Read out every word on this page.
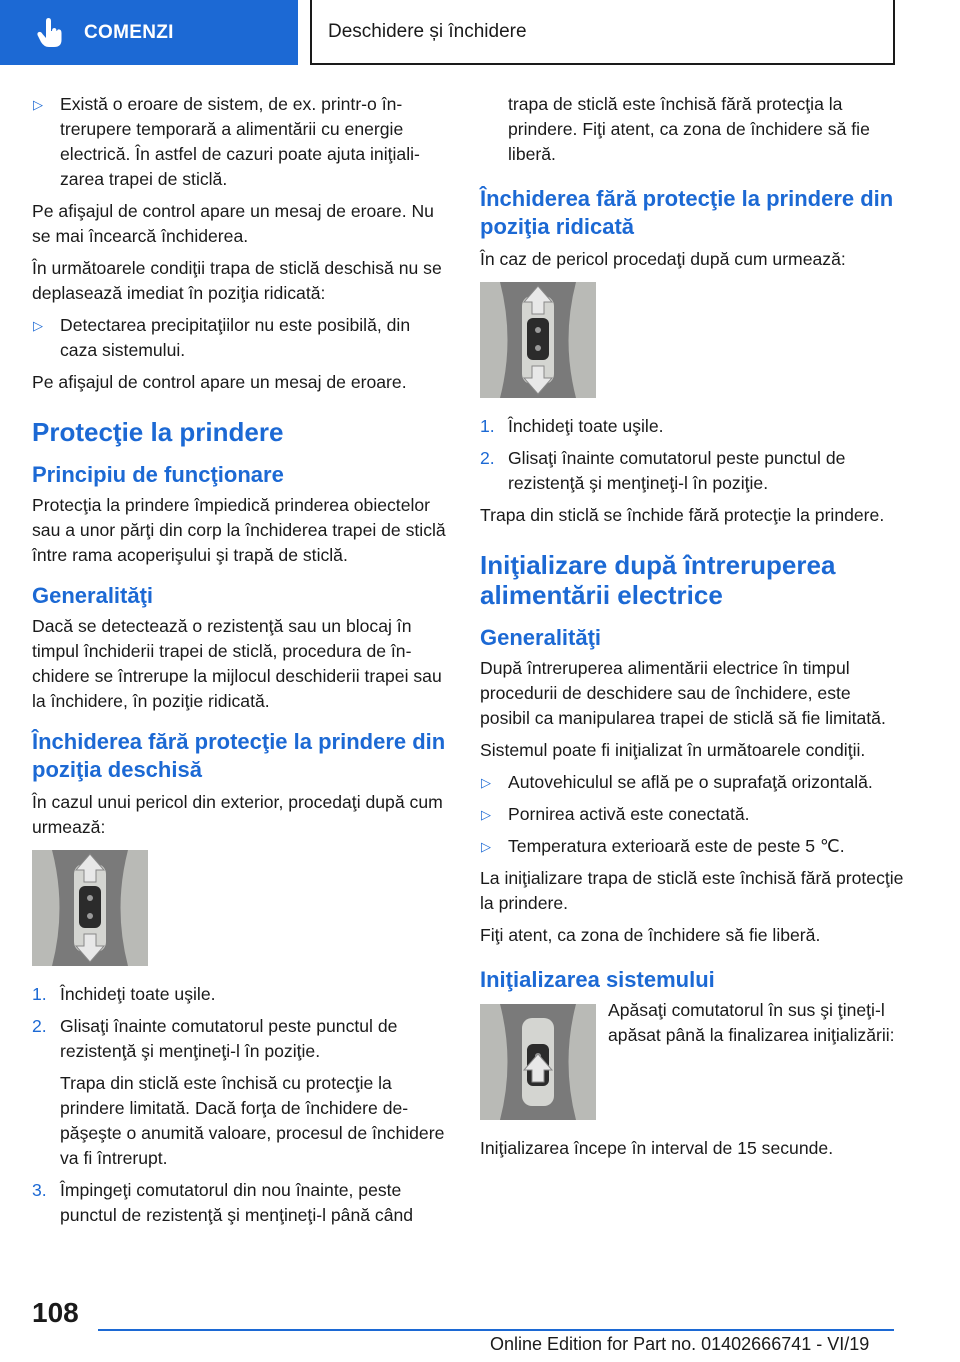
COMENZI	Deschidere și închidere
▷ Există o eroare de sistem, de ex. printr-o întrerupere temporară a alimentării cu energie electrică. În astfel de cazuri poate ajuta iniţializarea trapei de sticlă.

Pe afişajul de control apare un mesaj de eroare. Nu se mai încearcă închiderea.

În următoarele condiţii trapa de sticlă deschisă nu se deplasează imediat în poziţia ridicată:

▷ Detectarea precipitaţiilor nu este posibilă, din caza sistemului.

Pe afişajul de control apare un mesaj de eroare.

Protecţie la prindere
Principiu de funcţionare

Protecţia la prindere împiedică prinderea obiectelor sau a unor părţi din corp la închiderea trapei de sticlă între rama acoperişului şi trapă de sticlă.

Generalităţi

Dacă se detectează o rezistenţă sau un blocaj în timpul închiderii trapei de sticlă, procedura de închidere se întrerupe la mijlocul deschiderii trapei sau la închidere, în poziţie ridicată.

Închiderea fără protecţie la prindere din poziţia deschisă

În cazul unui pericol din exterior, procedaţi după cum urmează:

1. Închideţi toate uşile.
2. Glisaţi înainte comutatorul peste punctul de rezistenţă şi menţineţi-l în poziţie.

Trapa din sticlă este închisă cu protecţie la prindere limitată. Dacă forţa de închidere depăşeşte o anumită valoare, procesul de închidere va fi întrerupt.

3. Împingeţi comutatorul din nou înainte, peste punctul de rezistenţă şi menţineţi-l până când

trapa de sticlă este închisă fără protecţia la prindere. Fiţi atent, ca zona de închidere să fie liberă.

Închiderea fără protecţie la prindere din poziţia ridicată

În caz de pericol procedaţi după cum urmează:

1. Închideţi toate uşile.
2. Glisaţi înainte comutatorul peste punctul de rezistenţă şi menţineţi-l în poziţie.

Trapa din sticlă se închide fără protecţie la prindere.

Iniţializare după întreruperea alimentării electrice
Generalităţi

După întreruperea alimentării electrice în timpul procedurii de deschidere sau de închidere, este posibil ca manipularea trapei de sticlă să fie limitată.

Sistemul poate fi iniţializat în următoarele condiţii.

▷ Autovehiculul se află pe o suprafaţă orizontală.
▷ Pornirea activă este conectată.
▷ Temperatura exterioară este de peste 5 ℃.

La iniţializare trapa de sticlă este închisă fără protecţie la prindere.

Fiţi atent, ca zona de închidere să fie liberă.

Iniţializarea sistemului

Apăsaţi comutatorul în sus şi ţineţi-l apăsat până la finalizarea iniţializării:

Iniţializarea începe în interval de 15 secunde.

108
Online Edition for Part no. 01402666741 - VI/19
